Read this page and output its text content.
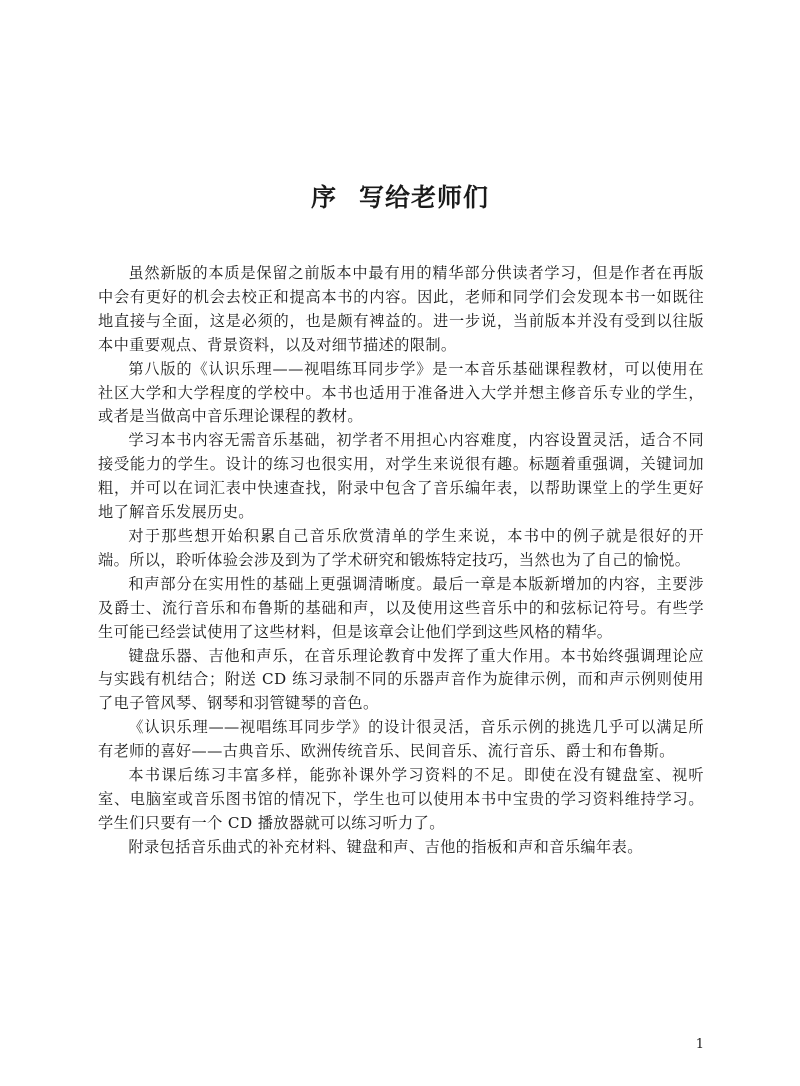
序 写给老师们

虽然新版的本质是保留之前版本中最有用的精华部分供读者学习，但是作者在再版中会有更好的机会去校正和提高本书的内容。因此，老师和同学们会发现本书一如既往地直接与全面，这是必须的，也是颇有裨益的。进一步说，当前版本并没有受到以往版本中重要观点、背景资料，以及对细节描述的限制。

第八版的《认识乐理——视唱练耳同步学》是一本音乐基础课程教材，可以使用在社区大学和大学程度的学校中。本书也适用于准备进入大学并想主修音乐专业的学生，或者是当做高中音乐理论课程的教材。

学习本书内容无需音乐基础，初学者不用担心内容难度，内容设置灵活，适合不同接受能力的学生。设计的练习也很实用，对学生来说很有趣。标题着重强调，关键词加粗，并可以在词汇表中快速查找，附录中包含了音乐编年表，以帮助课堂上的学生更好地了解音乐发展历史。

对于那些想开始积累自己音乐欣赏清单的学生来说，本书中的例子就是很好的开端。所以，聆听体验会涉及到为了学术研究和锻炼特定技巧，当然也为了自己的愉悦。

和声部分在实用性的基础上更强调清晰度。最后一章是本版新增加的内容，主要涉及爵士、流行音乐和布鲁斯的基础和声，以及使用这些音乐中的和弦标记符号。有些学生可能已经尝试使用了这些材料，但是该章会让他们学到这些风格的精华。

键盘乐器、吉他和声乐，在音乐理论教育中发挥了重大作用。本书始终强调理论应与实践有机结合；附送 CD 练习录制不同的乐器声音作为旋律示例，而和声示例则使用了电子管风琴、钢琴和羽管键琴的音色。

《认识乐理——视唱练耳同步学》的设计很灵活，音乐示例的挑选几乎可以满足所有老师的喜好——古典音乐、欧洲传统音乐、民间音乐、流行音乐、爵士和布鲁斯。

本书课后练习丰富多样，能弥补课外学习资料的不足。即使在没有键盘室、视听室、电脑室或音乐图书馆的情况下，学生也可以使用本书中宝贵的学习资料维持学习。学生们只要有一个 CD 播放器就可以练习听力了。

附录包括音乐曲式的补充材料、键盘和声、吉他的指板和声和音乐编年表。

1
